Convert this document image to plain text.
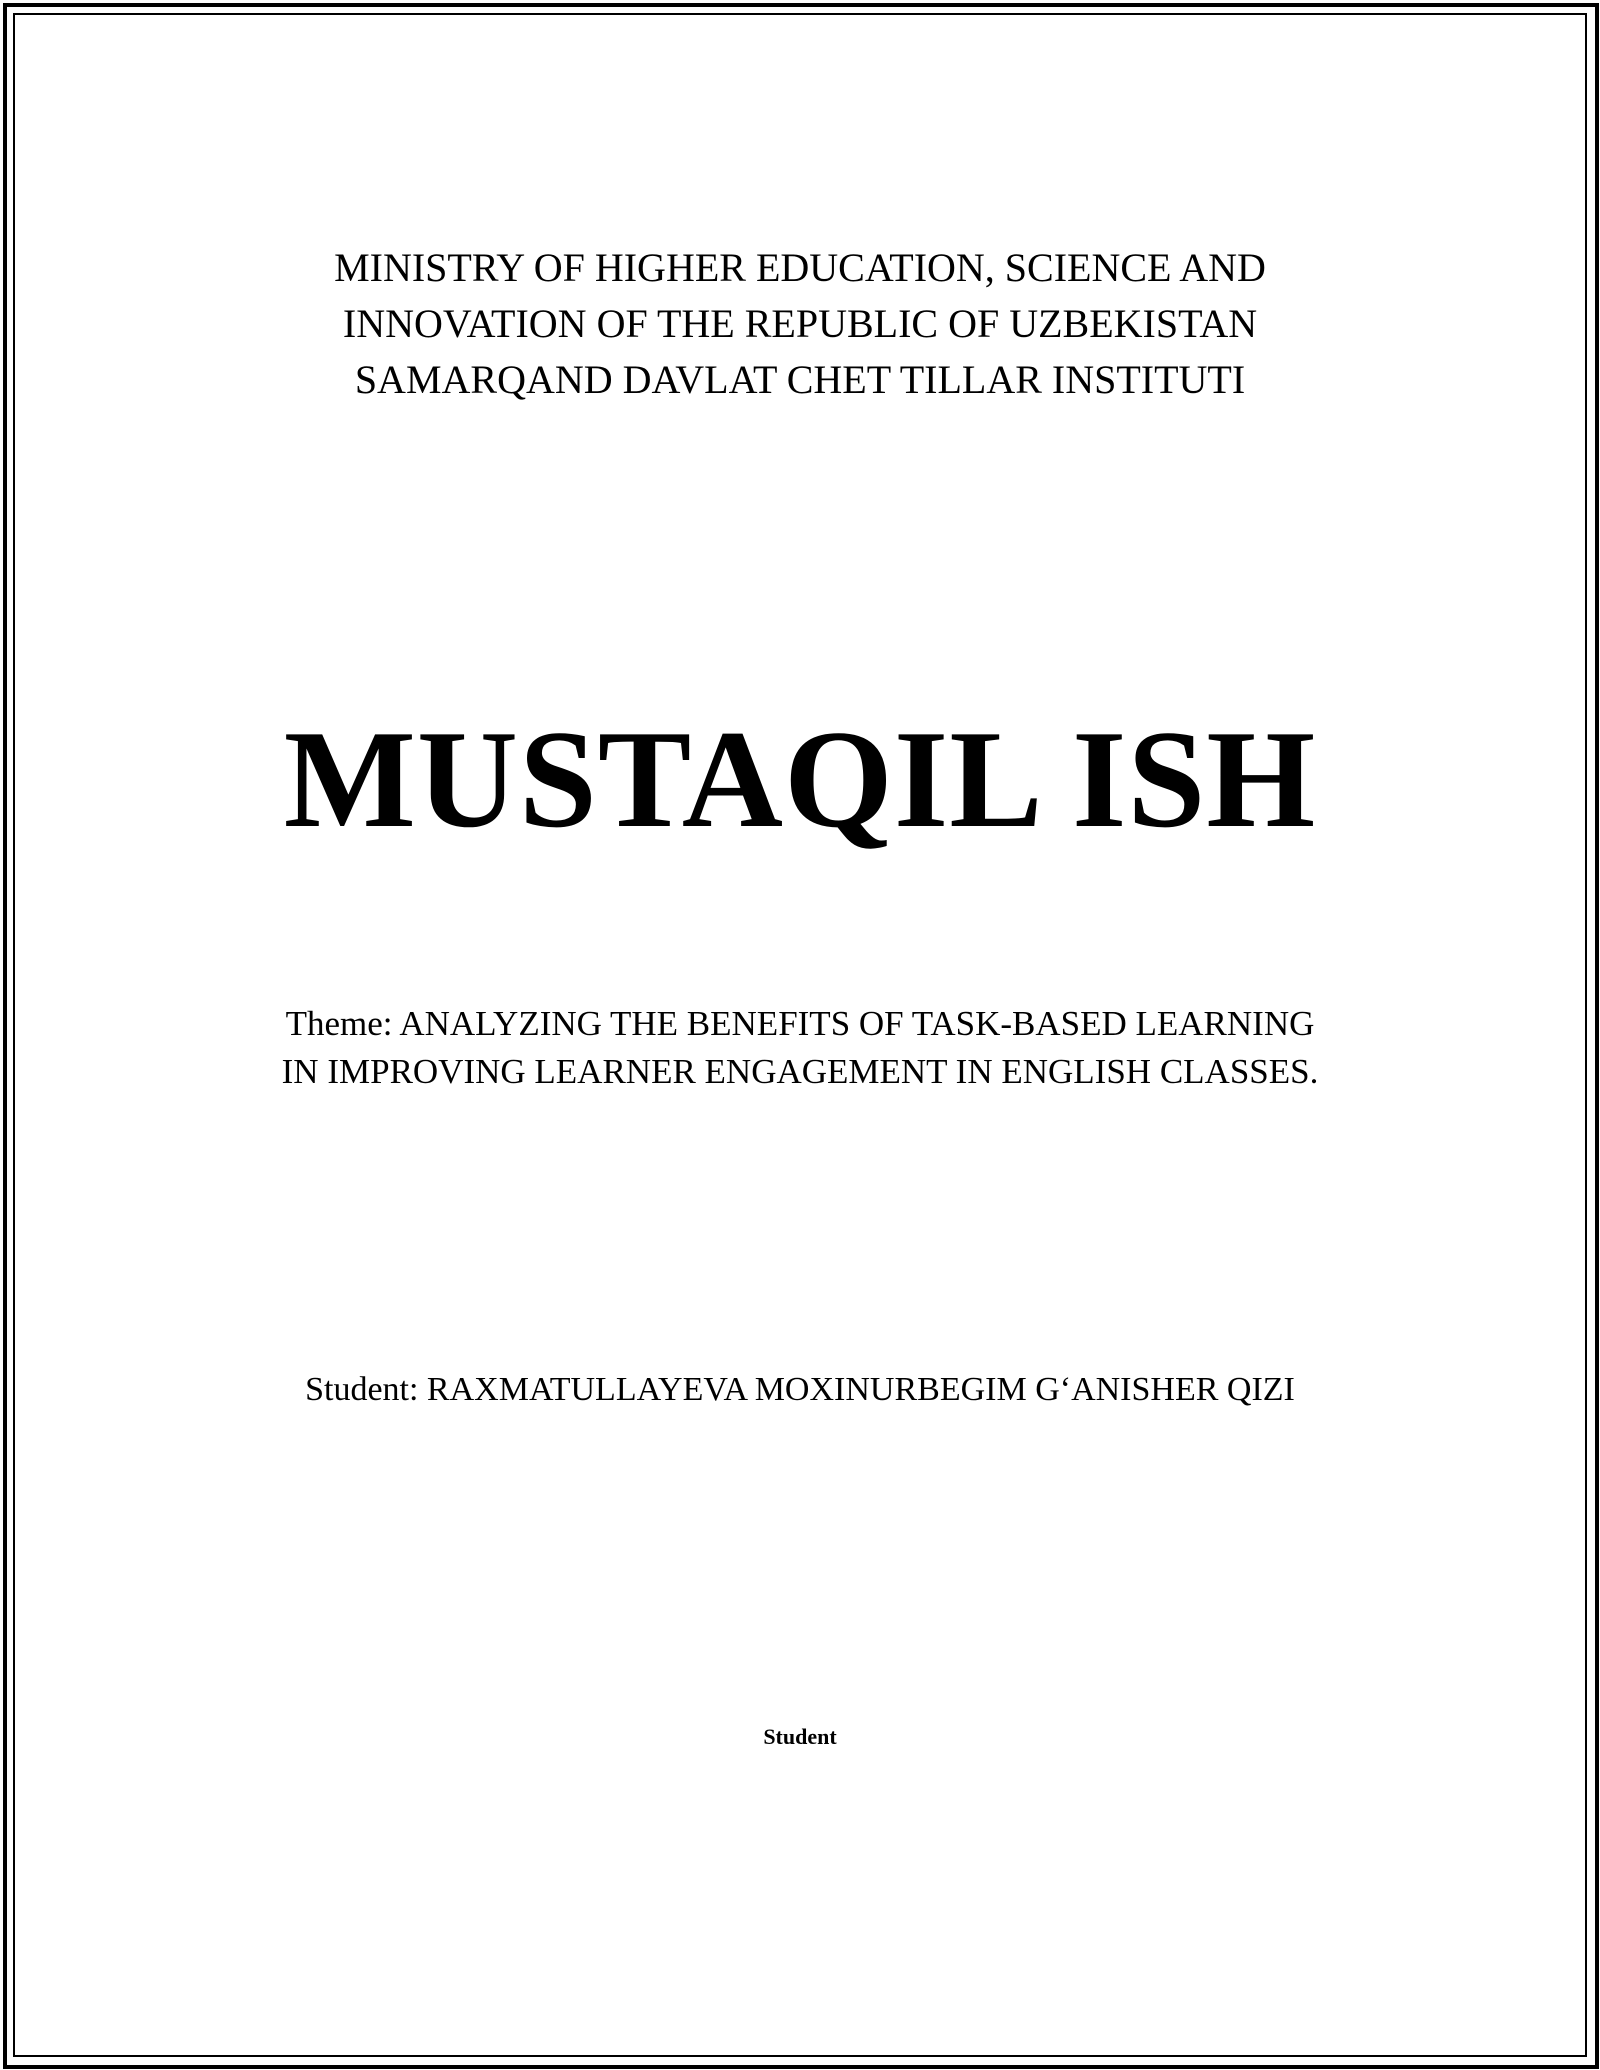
MINISTRY OF HIGHER EDUCATION, SCIENCE AND
INNOVATION OF THE REPUBLIC OF UZBEKISTAN
SAMARQAND DAVLAT CHET TILLAR INSTITUTI
MUSTAQIL ISH
Theme: ANALYZING THE BENEFITS OF TASK-BASED LEARNING
IN IMPROVING LEARNER ENGAGEMENT IN ENGLISH CLASSES.
Student: RAXMATULLAYEVA MOXINURBEGIM G‘ANISHER QIZI
Student
